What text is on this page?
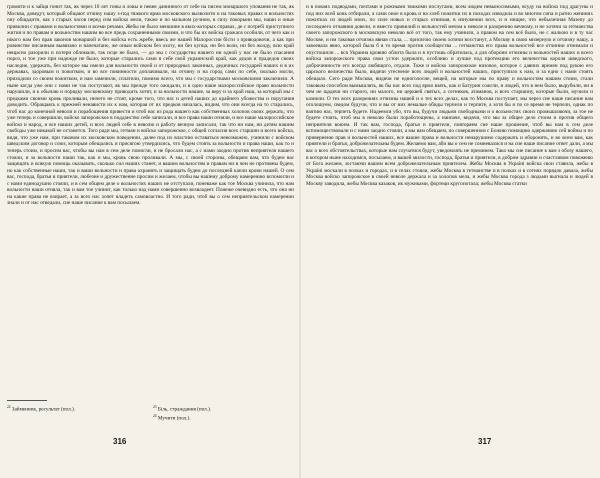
громити и к зайця гонит так, як через 10 лет гоны и ловы и певне данинного от себе на писем монаршого уповання не так, як Москва, доведут, который общают отчину нашу з-под тяжкого ярма московского вызволити и на таковых правах и вольностях ону общадити, как з старых часов перед сим войско мели, также и по мальном ручном, в силу покорыни мы, наши и оные привилии с правами и вольностями и всеми речами. Жебы не было меншине в яких-которых справах, де с потребі приступного жития и по правам и вольностям нашим во все предь сохраненными своими, и что бы их войска сражася особили, от чего как и нікого нам без прав законов монаршой и без войска есть жребе, ввесь же нашей Малороссии бiсти з приводовочи, а как при ровинстве писанным вывязано и напечатано, же оным войском без охоту, ни без купца, ни без воли, ни без жолду, всю край нещасно разорили и потери обломали, так исце не было, — до мы с государства нашего ни одной у нас не было спасания пороз, и тое уже при надежде не было, которые старались сами в себе свой украинский край, как дедов и прадедов своих наследие, удержать, без которое мы имели для вольности своей и от природных законных, дедичных государей наших и в их державах, здоровым и пожитком, и во все повинности доплачивали, на отчину и на город сами по себе, сколько могли, приходили со своим пожитком, и нам заменили, сплатили, помимо всего, что мы с государствами московскими заключили. А ныне когда уже они с нами не так поступают, як мы прежде того ожидали, и в одно наше малороссийское право вольности нарушили, и к обычаю и порядку московскому приводить хотят, и за вольности нашие, за веру и за край наш, за который мы с предками своими кровь проливали, ничего не стоят, кроме того, что нас и детей наших до крайнего убожества и поругания доводить. Обращаясь к прежней ненависти их к нам, которая от их предков началась, видим, что они всегда на то старались, чтоб нас до конечной неволи и порабощения привести и чтоб нас из рода нашего как собственных холопов своих держать; что уже теперь и совершили, войско запорожское в подданство себе записали, и все права наши отняли, и все наше малороссийское войско и народ, и все наших детей, и всех людей себе в неволю и работу вечную записали, так что ни нам, ни детям нашим свободы уже никакой не останется. Того ради мы, гетман и войско запорожское, с общей согласия всех старшин и всего войска, видя, что уже нам, при таковом их московском поведении, далее под их властию оставаться невозможно, учинили с войском шведским договор и союз, которым обещались и присягою утвердились, что будем стоять за вольности и права наши, как то и теперь стоим, и просим вас, чтобы вы нам в сем деле помогли, и не бросали нас, а с нами заодно против неприятеля нашего стояли, и за вольности наши так, как и мы, кровь свою проливали. А мы, с своей стороны, обещаем вам, что будем вас защищать и всякую помощь оказывать, сколько сил наших станет, и вашим вольностям и правам ни в чем не противны будем, но как собственные наши, так и ваши вольности и права охранять и защищать будем до последней капли крови нашей. О сем вас, господа, братья и приятели, любезне и дружественне просим и желаем, чтобы вы нашему доброму намерению вспомогли и с нами единодушно стояли, и в сем общем деле о вольностях наших не отступали, поневаже как тое Москва учинила, что нам вольности наши отняла, так и вам тое учинит, как только над нами совершенно возвладеет. Понеже очевидно есть, что она ни на какие права не взирает, а за всех нас хочет владеть самовластно. И того ради, чтоб вы о сем неприятельском намерении знали и от нас отведали, сие наше писание к вам посылаем.
$^{22}$ Займенник, ресультат (пол.).	$^{23}$ Біль, страждання (пол.).
$^{24}$ Мучити (пол.).
316
и в покоях подводами, почтами и рожными тяжкими послугами, всем людем невыносимыми, всуду на войско под драгуны и под них всей конь отбирали, а сами оное в кровь и на хлеб пожитки их в походах изводила и во многом сипа и ратно жениних пожитках из людей моих, по силе новых и старых отнимая, в изнужении всех, и и нищие, что небыличная Мазепу до последнего отчаяния довели, и вместо привилий и вольностей мечом к неволе и разорению вечному, и не хотячи за гетманства своего запорожского в московскую неволю всё от того, так ему учинили, а правом на сем всё было, не с жалкою и в ту час Москве, и им таковая отчизна явная стала, ... присягою своею хотячи восстанут, а Москву в свою мизерную и отчизну нашу, а завоевала явно, которой была б в то время против сообщества ... гетманства его права вольностей все отчинии отнимали и опустошили ... вся Украина кровию облита была и в пустошь обратилась, а для оборони отчизны и вольностей наших и всего войска запорожского права свои устои удержати, особливо и лучше под протекцию его величества короля шведского, доброчинности его всегда любящого, отдали. Тоже и войско запорожское низовое, которое с давних времен под рукою его царского величества было, видячи утесненіе всех людей и вольностей наших, приступило к нам, и за едно с нами стоять обещало. Сего ради Москва, видячи не едноголосие, вещей, на которые мы по праву и вольностям нашим стоим, стали таковым способом вымышлять, як бы нас всех под ярмо взять, как и Батурин сожгли, и людей, что в нем было, вырубили, ни в чем не щадячи ни старого, ни малого, ни церквей святых, а сотников, атаманов, и всех старшину, которые были, мучили и казнили. О тех всех разорениях отчизны нашей и о тех всех делах, как то Москва поступает, мы через сие наше писание вам оголошуем, сведом будучи, что и вы от них немалые обиды терпели и терпите, а хотя бы и по се время не терпели, однак по взятию нас, терпеть будете. Надеемся убо, что вы, будучи людьми свободными и о вольностях своих промышляючи, за тое не будете стоять, чтоб мы в неволю были поработощены, а наипаче, видячи, что мы за общее дело стоим и против общего неприятеля воюем. И так вам, господа, братья и приятели, повторяем сие наше прошение, чтоб вы нам в сем деле вспомоществовали и с нами заодно стояли, а мы вам обещаем, по совершенном с Божию помощию одержанию сей войны и по приверненю прав и вольностей наших, все вашие права и вольности ненарушимо содержать и оборонять, и во всем вам, как приятели и братья, доброжелательны будем. Желаемо вам, аби вы о сем не сомневалися и на сие наше писание ответ дали, а мы вас о всех обстоятельствах, которые нам случатися будут, уведомлять не преминем. Тако мы сие писание к вам з обозу нашего, в котором ныне находимся, посылаем, и вашей милости, господа, братья и приятели, в добром здравии и счастливом повоженю от Бога желаем, зостаючи вашим всем доброжелательным приятелем. Жебы Москва в Україні войска свои ставила, жебы в Україні москали в полках и городах, и в селах стояли, жебы Москва в гетманстве и в полках и в сотнях порядок давала, жебы Москва войско запорожское в своей неволе держала и за холопов мела, и жебы Москва города з людьми выгнала и людей в Москву заводила, жебы Москва казаков, ик мужиками, фортеци кругопотала; жебы Москва статки
317
